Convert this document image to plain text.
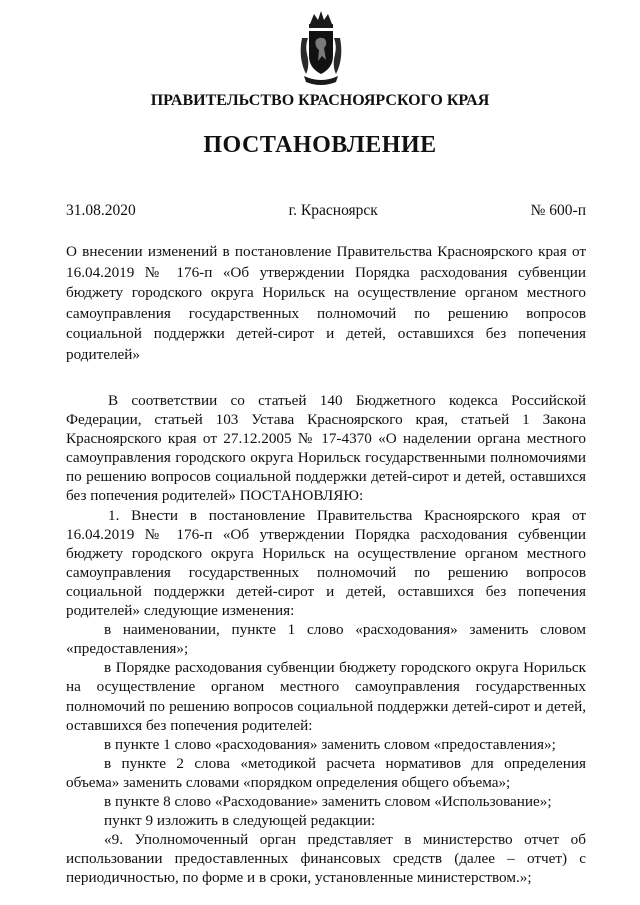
ПРАВИТЕЛЬСТВО КРАСНОЯРСКОГО КРАЯ
ПОСТАНОВЛЕНИЕ
31.08.2020	г. Красноярск	№ 600-п
О внесении изменений в постановление Правительства Красноярского края от 16.04.2019 № 176-п «Об утверждении Порядка расходования субвенции бюджету городского округа Норильск на осуществление органом местного самоуправления государственных полномочий по решению вопросов социальной поддержки детей-сирот и детей, оставшихся без попечения родителей»

В соответствии со статьей 140 Бюджетного кодекса Российской Федерации, статьей 103 Устава Красноярского края, статьей 1 Закона Красноярского края от 27.12.2005 № 17-4370 «О наделении органа местного самоуправления городского округа Норильск государственными полномочиями по решению вопросов социальной поддержки детей-сирот и детей, оставшихся без попечения родителей» ПОСТАНОВЛЯЮ:

1. Внести в постановление Правительства Красноярского края от 16.04.2019 № 176-п «Об утверждении Порядка расходования субвенции бюджету городского округа Норильск на осуществление органом местного самоуправления государственных полномочий по решению вопросов социальной поддержки детей-сирот и детей, оставшихся без попечения родителей» следующие изменения:

в наименовании, пункте 1 слово «расходования» заменить словом «предоставления»;

в Порядке расходования субвенции бюджету городского округа Норильск на осуществление органом местного самоуправления государственных полномочий по решению вопросов социальной поддержки детей-сирот и детей, оставшихся без попечения родителей:

в пункте 1 слово «расходования» заменить словом «предоставления»;

в пункте 2 слова «методикой расчета нормативов для определения объема» заменить словами «порядком определения общего объема»;

в пункте 8 слово «Расходование» заменить словом «Использование»;

пункт 9 изложить в следующей редакции:

«9. Уполномоченный орган представляет в министерство отчет об использовании предоставленных финансовых средств (далее – отчет) с периодичностью, по форме и в сроки, установленные министерством.»;
